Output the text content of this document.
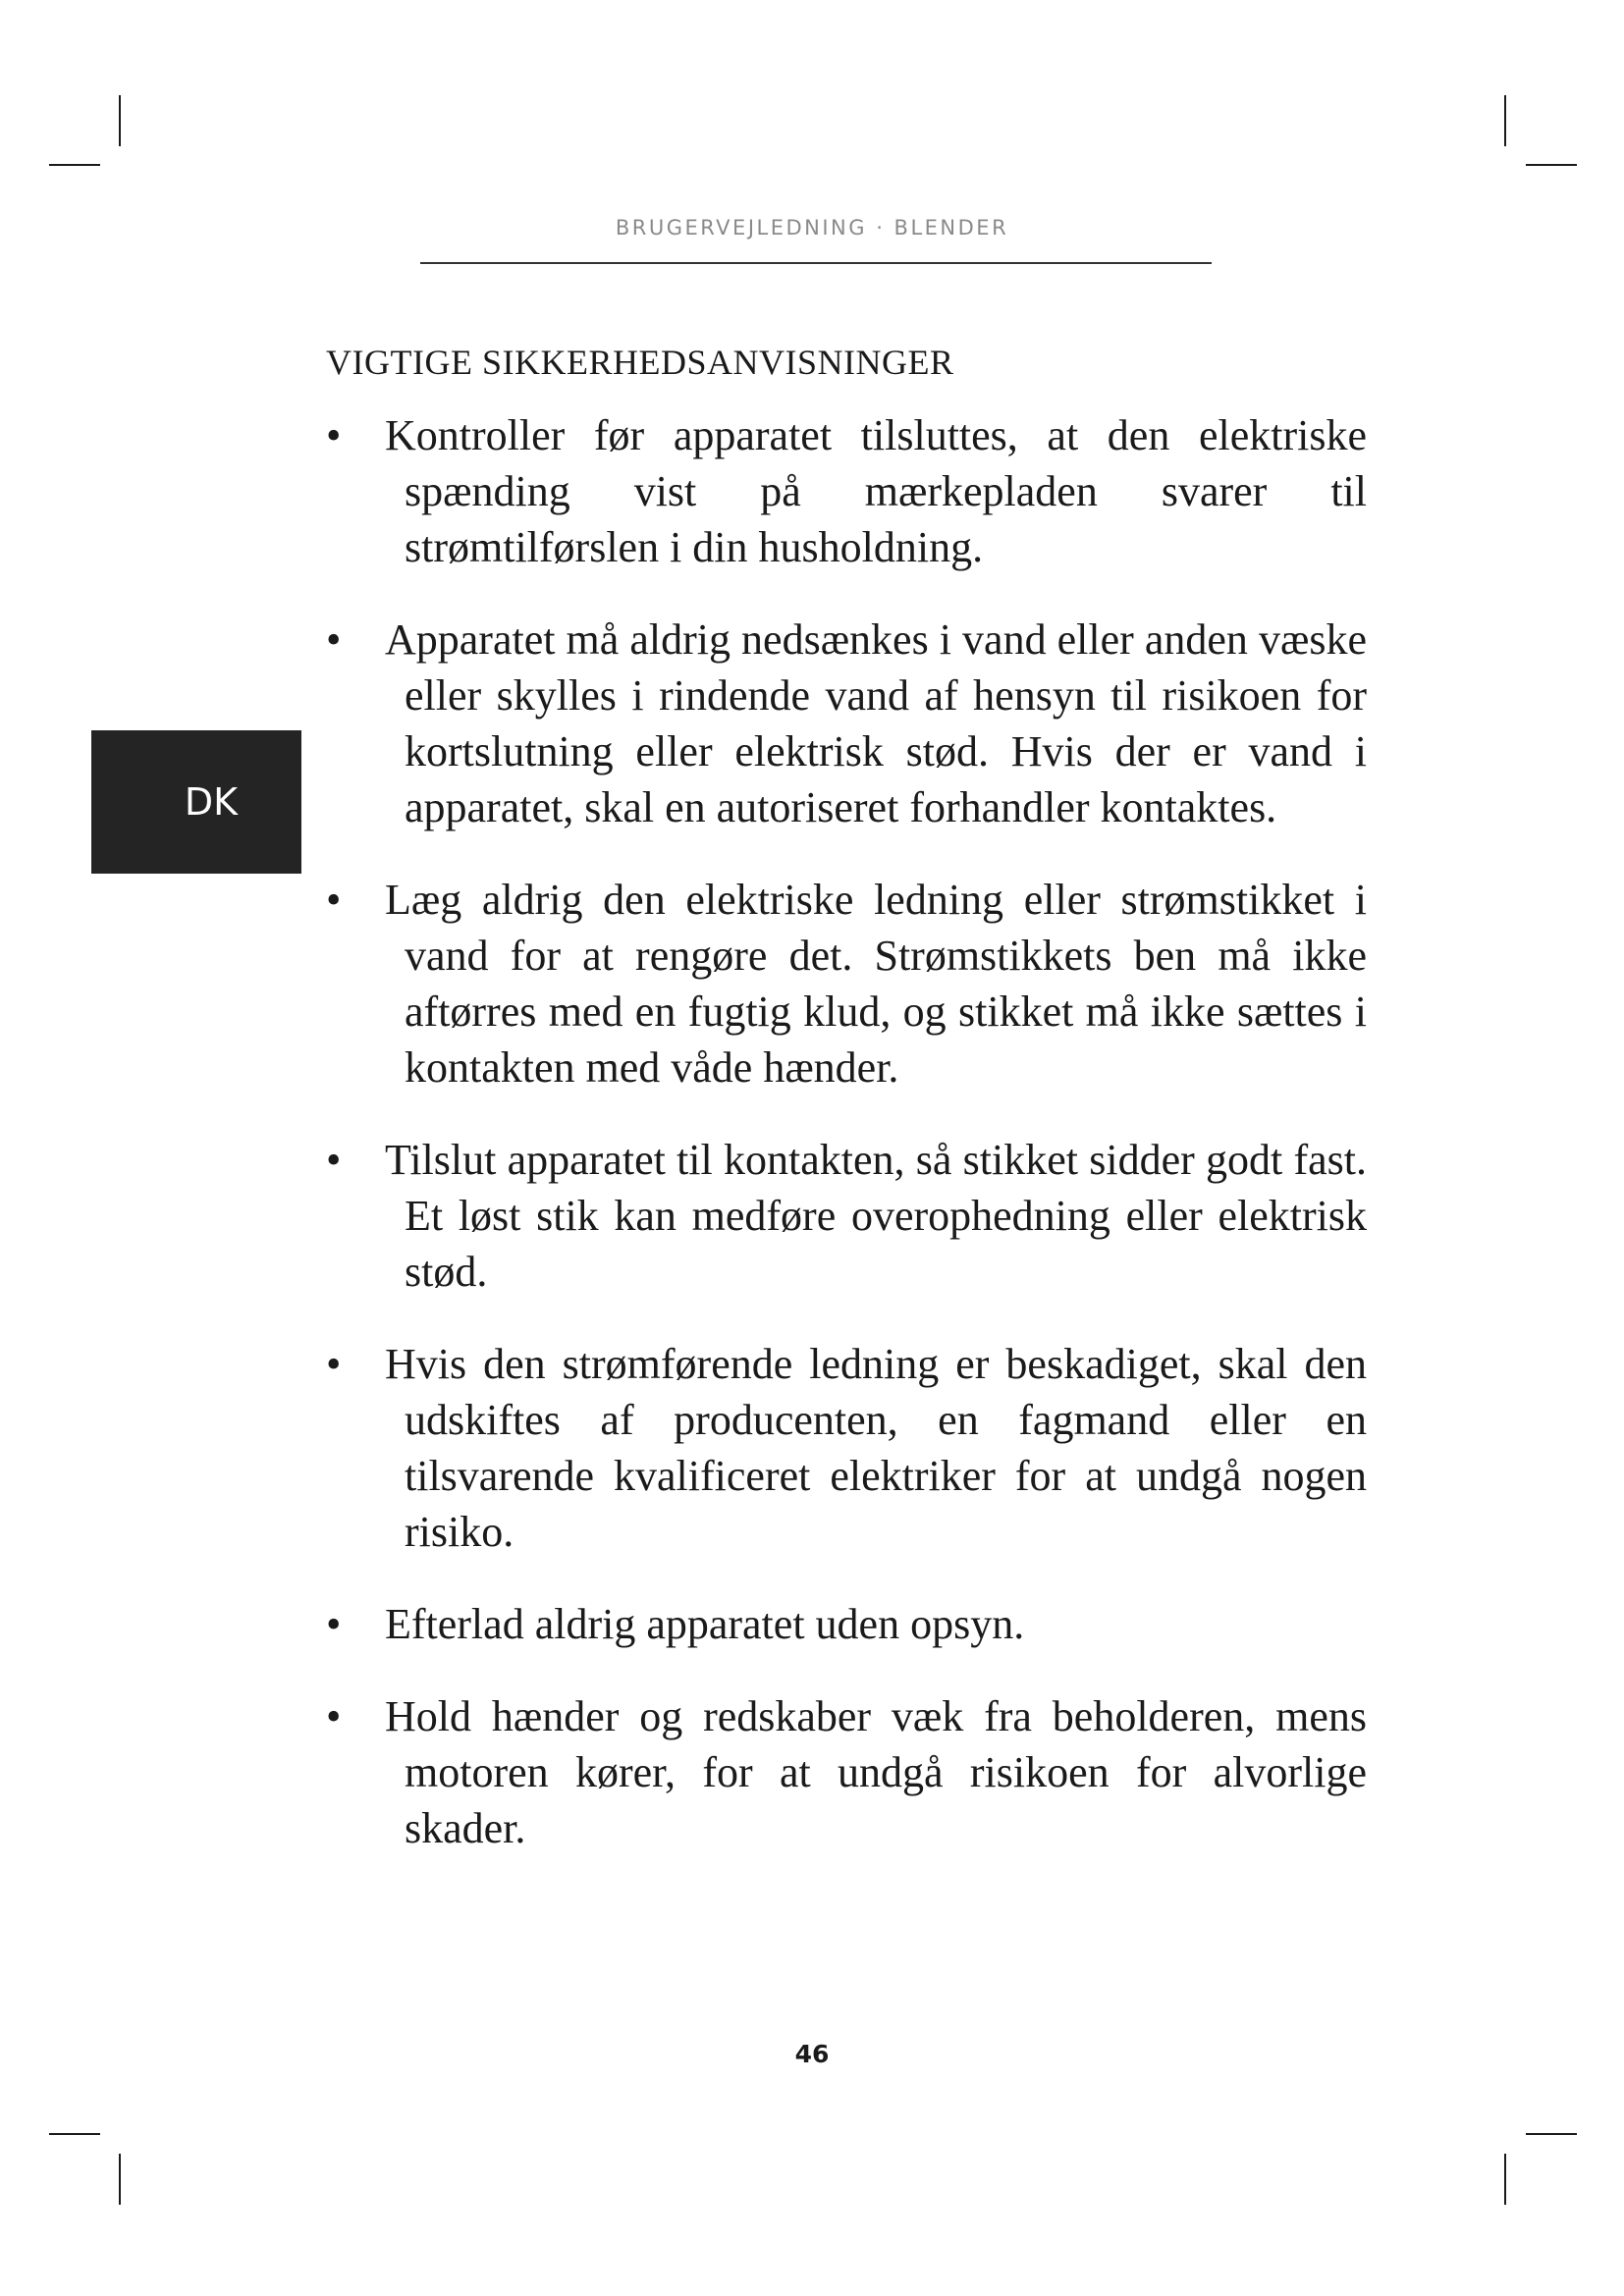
BRUGERVEJLEDNING · BLENDER
DK
VIGTIGE SIKKERHEDSANVISNINGER
•	Kontroller før apparatet tilsluttes, at den elektriske spænding vist på mærkepladen svarer til strømtilførslen i din husholdning.
•	Apparatet må aldrig nedsænkes i vand eller anden væske eller skylles i rindende vand af hensyn til risikoen for kortslutning eller elektrisk stød. Hvis der er vand i apparatet, skal en autoriseret forhandler kontaktes.
•	Læg aldrig den elektriske ledning eller strømstikket i vand for at rengøre det. Strømstikkets ben må ikke aftørres med en fugtig klud, og stikket må ikke sættes i kontakten med våde hænder.
•	Tilslut apparatet til kontakten, så stikket sidder godt fast. Et løst stik kan medføre overophedning eller elektrisk stød.
•	Hvis den strømførende ledning er beskadiget, skal den udskiftes af producenten, en fagmand eller en tilsvarende kvalificeret elektriker for at undgå nogen risiko.
•	Efterlad aldrig apparatet uden opsyn.
•	Hold hænder og redskaber væk fra beholderen, mens motoren kører, for at undgå risikoen for alvorlige skader.
46
